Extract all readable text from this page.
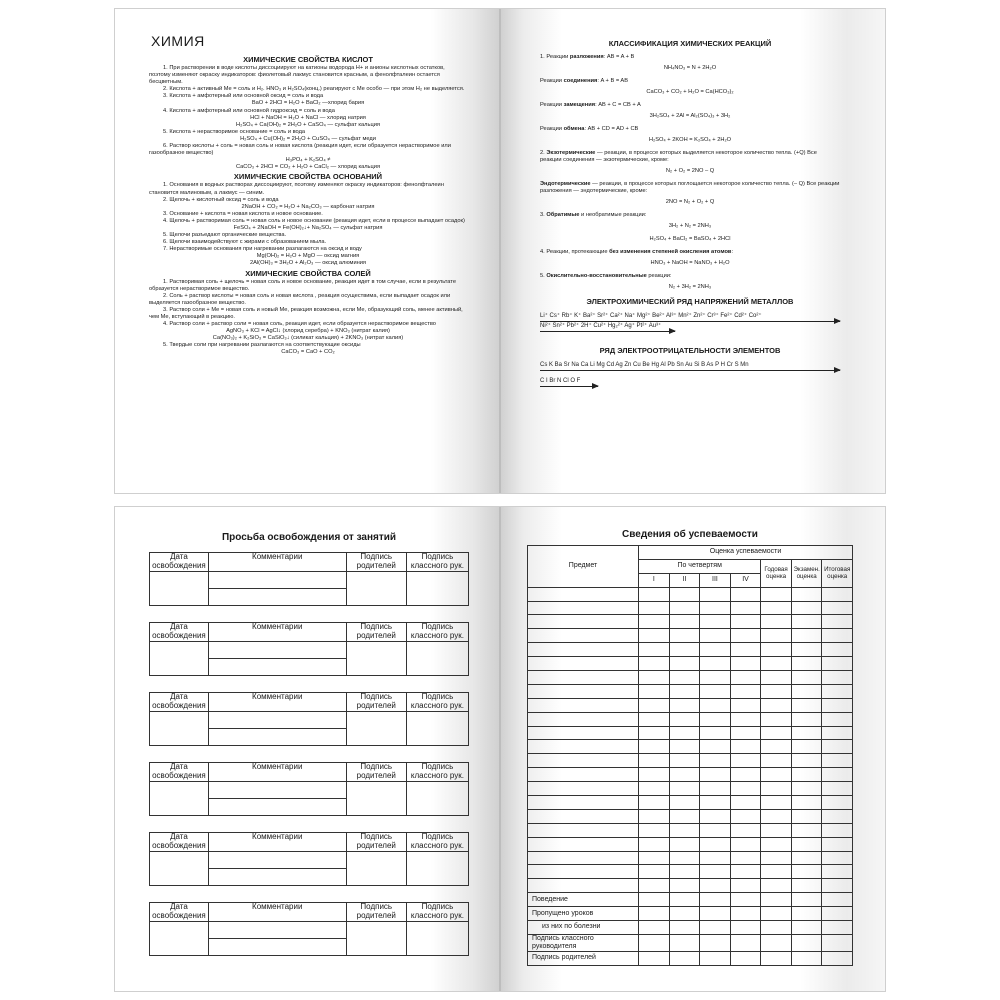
ХИМИЯ
ХИМИЧЕСКИЕ СВОЙСТВА КИСЛОТ
1. При растворении в воде кислоты диссоциируют на катионы водорода H+ и анионы кислотных остатков, поэтому изменяют окраску индикаторов: фиолетовый лакмус становится красным, а фенолфталеин остается бесцветным.
2. Кислота + активный Me = соль и H₂. HNO₃ и H₂SO₄(конц.) реагируют с Me особо — при этом H₂ не выделяется.
3. Кислота + амфотерный или основной оксид = соль и вода
BaO + 2HCl = H₂O + BaCl₂ —хлорид бария
4. Кислота + амфотерный или основной гидроксид = соль и вода
HCl + NaOH = H₂O + NaCl — хлорид натрия
H₂SO₄ + Ca(OH)₂ = 2H₂O + CaSO₄ — сульфат кальция
5. Кислота + нерастворимое основание = соль и вода
H₂SO₄ + Cu(OH)₂ = 2H₂O + CuSO₄ — сульфат меди
6. Раствор кислоты + соль = новая соль и новая кислота (реакция идет, если образуется нерастворимое или газообразное вещество)
H₃PO₄ + K₂SO₄ ≠
CaCO₃ + 2HCl = CO₂ + H₂O + CaCl₂ — хлорид кальция
ХИМИЧЕСКИЕ СВОЙСТВА ОСНОВАНИЙ
1. Основания в водных растворах диссоциируют, поэтому изменяют окраску индикаторов: фенолфталеин становится малиновым, а лакмус — синим.
2. Щелочь + кислотный оксид = соль и вода
2NaOH + CO₂ = H₂O + Na₂CO₃ — карбонат натрия
3. Основание + кислота = новая кислота и новое основание.
4. Щелочь + растворимая соль = новая соль и новое основание (реакция идет, если в процессе выпадает осадок)
FeSO₄ + 2NaOH = Fe(OH)₂↓+ Na₂SO₄ — сульфат натрия
5. Щелочи разъедают органические вещества.
6. Щелочи взаимодействуют с жирами с образованием мыла.
7. Нерастворимые основания при нагревании разлагаются на оксид и воду
Mg(OH)₂ = H₂O + MgO — оксид магния
2Al(OH)₃ = 3H₂O + Al₂O₃ — оксид алюминия
ХИМИЧЕСКИЕ СВОЙСТВА СОЛЕЙ
1. Растворимая соль + щелочь = новая соль и новое основание, реакция идет в том случае, если в результате образуется нерастворимое вещество.
2. Соль + раствор кислоты = новая соль и новая кислота , реакция осуществима, если выпадает осадок или выделяется газообразное вещество.
3. Раствор соли + Me = новая соль и новый Me, реакция возможна, если Me, образующий соль, менее активный, чем Me, вступающий в реакцию.
4. Раствор соли + раствор соли = новая соль, реакция идет, если образуется нерастворимое вещество
AgNO₃ + KCl = AgCl↓ (хлорид серебра) + KNO₃ (нитрат калия)
Ca(NO₃)₂ + K₂SiO₃ = CaSiO₃↓ (силикат кальция) + 2KNO₃ (нитрат калия)
5. Твердые соли при нагревании разлагаются на соответствующие оксиды
CaCO₃ = CaO + CO₂
КЛАССИФИКАЦИЯ ХИМИЧЕСКИХ РЕАКЦИЙ
1. Реакции разложения: AB = A + B
NH₄NO₃ = N + 2H₂O
Реакции соединения: A + B = AB
CaCO₃ + CO₂ + H₂O = Ca(HCO₃)₂
Реакции замещения: AB + C = CB + A
3H₂SO₄ + 2Al = Al₂(SO₄)₃ + 3H₂
Реакции обмена: AB + CD = AD + CB
H₂SO₄ + 2KOH = K₂SO₄ + 2H₂O
2. Экзотермические — реакции, в процессе которых выделяется некоторое количество тепла. (+Q) Все реакции соединения — экзотермические, кроме:
N₂ + O₂ = 2NO – Q
Эндотермические — реакции, в процессе которых поглощается некоторое количество тепла. (– Q) Все реакции разложения — эндотермические, кроме:
2NO = N₂ + O₂ + Q
3. Обратимые и необратимые реакции:
3H₂ + N₂ = 2NH₃
H₂SO₄ + BaCl₂ = BaSO₄ + 2HCl
4. Реакции, протекающие без изменения степеней окисления атомов:
HNO₃ + NaOH = NaNO₃ + H₂O
5. Окислительно-восстановительные реакции:
N₂ + 3H₂ = 2NH₃
ЭЛЕКТРОХИМИЧЕСКИЙ РЯД НАПРЯЖЕНИЙ МЕТАЛЛОВ
Li⁺ Cs⁺ Rb⁺ K⁺ Ba²⁺ Sr²⁺ Ca²⁺ Na⁺ Mg²⁺ Be²⁺ Al³⁺ Mn²⁺ Zn²⁺ Cr³⁺ Fe²⁺ Cd²⁺ Co²⁺
Ni²⁺ Sn²⁺ Pb²⁺ 2H⁺ Cu²⁺ Hg₂²⁺ Ag⁺ Pt²⁺ Au³⁺
РЯД ЭЛЕКТРООТРИЦАТЕЛЬНОСТИ ЭЛЕМЕНТОВ
Cs K Ba Sr Na Ca Li Mg Cd Ag Zn Cu Be Hg Al Pb Sn Au Si B As P H Cr S Mn
C I Br N Cl O F
Просьба освобождения от занятий
Дата освобождения	Комментарии	Подпись родителей	Подпись классного рук.

Дата освобождения	Комментарии	Подпись родителей	Подпись классного рук.

Дата освобождения	Комментарии	Подпись родителей	Подпись классного рук.

Дата освобождения	Комментарии	Подпись родителей	Подпись классного рук.

Дата освобождения	Комментарии	Подпись родителей	Подпись классного рук.

Дата освобождения	Комментарии	Подпись родителей	Подпись классного рук.

Сведения об успеваемости
Предмет	Оценка успеваемости						
	По четвертям				Годовая оценка	Экзамен. оценка	Итоговая оценка
	I	II	III	IV			

Поведение							
Пропущено уроков							
из них по болезни							
Подпись классного руководителя							
Подпись родителей							
